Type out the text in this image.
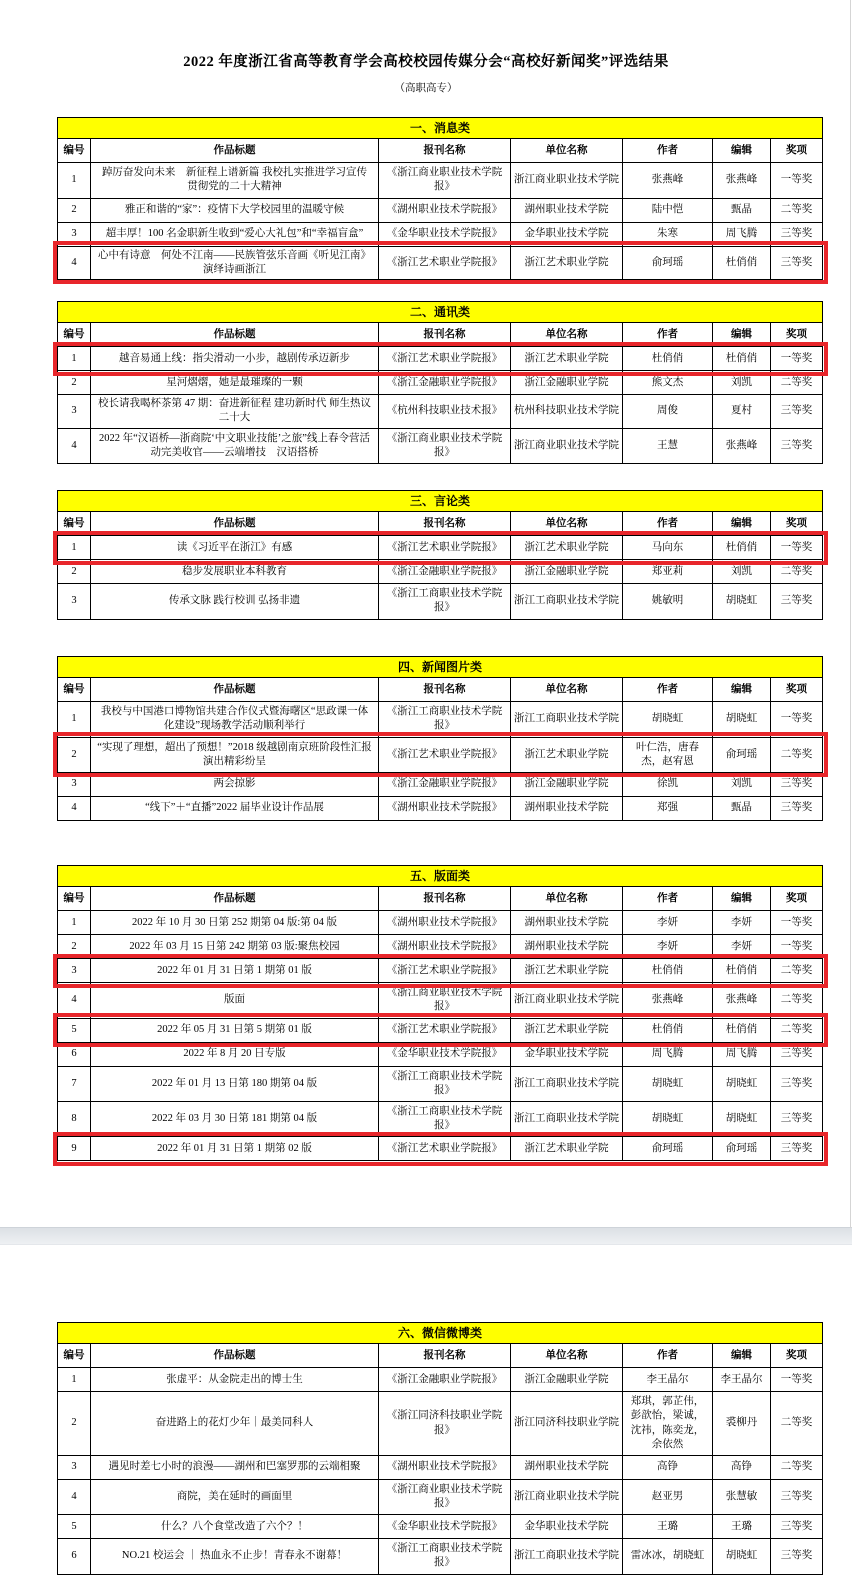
2022 年度浙江省高等教育学会高校校园传媒分会“高校好新闻奖”评选结果
（高职高专）
一、消息类						
编号	作品标题	报刊名称	单位名称	作者	编辑	奖项
1	踔厉奋发向未来　新征程上谱新篇 我校扎实推进学习宣传贯彻党的二十大精神	《浙江商业职业技术学院报》	浙江商业职业技术学院	张燕峰	张燕峰	一等奖
2	雅正和谐的“家”：疫情下大学校园里的温暖守候	《湖州职业技术学院报》	湖州职业技术学院	陆中恺	甄晶	二等奖
3	超丰厚！100 名金职新生收到“爱心大礼包”和“幸福盲盒”	《金华职业技术学院报》	金华职业技术学院	朱寒	周飞腾	三等奖
4	心中有诗意　何处不江南——民族管弦乐音画《听见江南》演绎诗画浙江	《浙江艺术职业学院报》	浙江艺术职业学院	俞珂瑶	杜俏俏	三等奖
二、通讯类						
编号	作品标题	报刊名称	单位名称	作者	编辑	奖项
1	越音易通上线：指尖滑动一小步，越剧传承迈新步	《浙江艺术职业学院报》	浙江艺术职业学院	杜俏俏	杜俏俏	一等奖
2	星河熠熠，她是最璀璨的一颗	《浙江金融职业学院报》	浙江金融职业学院	熊文杰	刘凯	二等奖
3	校长请我喝杯茶第 47 期：奋进新征程 建功新时代 师生热议二十大	《杭州科技职业技术报》	杭州科技职业技术学院	周俊	夏村	三等奖
4	2022 年“汉语桥—浙商院‘中文职业技能’之旅”线上春令营活动完美收官——云端增技　汉语搭桥	《浙江商业职业技术学院报》	浙江商业职业技术学院	王慧	张燕峰	三等奖
三、言论类						
编号	作品标题	报刊名称	单位名称	作者	编辑	奖项
1	读《习近平在浙江》有感	《浙江艺术职业学院报》	浙江艺术职业学院	马向东	杜俏俏	一等奖
2	稳步发展职业本科教育	《浙江金融职业学院报》	浙江金融职业学院	郑亚莉	刘凯	二等奖
3	传承文脉 践行校训 弘扬非遗	《浙江工商职业技术学院报》	浙江工商职业技术学院	姚敏明	胡晓虹	三等奖
四、新闻图片类						
编号	作品标题	报刊名称	单位名称	作者	编辑	奖项
1	我校与中国港口博物馆共建合作仪式暨海曙区“思政课一体化建设”现场教学活动顺利举行	《浙江工商职业技术学院报》	浙江工商职业技术学院	胡晓虹	胡晓虹	一等奖
2	“实现了理想，超出了预想！”2018 级越剧南京班阶段性汇报演出精彩纷呈	《浙江艺术职业学院报》	浙江艺术职业学院	叶仁浩，唐春杰，赵宥恩	俞珂瑶	二等奖
3	两会掠影	《浙江金融职业学院报》	浙江金融职业学院	徐凯	刘凯	三等奖
4	“线下”＋“直播”2022 届毕业设计作品展	《湖州职业技术学院报》	湖州职业技术学院	郑强	甄晶	三等奖
五、版面类						
编号	作品标题	报刊名称	单位名称	作者	编辑	奖项
1	2022 年 10 月 30 日第 252 期第 04 版:第 04 版	《湖州职业技术学院报》	湖州职业技术学院	李妍	李妍	一等奖
2	2022 年 03 月 15 日第 242 期第 03 版:聚焦校园	《湖州职业技术学院报》	湖州职业技术学院	李妍	李妍	一等奖
3	2022 年 01 月 31 日第 1 期第 01 版	《浙江艺术职业学院报》	浙江艺术职业学院	杜俏俏	杜俏俏	二等奖
4	版面	《浙江商业职业技术学院报》	浙江商业职业技术学院	张燕峰	张燕峰	二等奖
5	2022 年 05 月 31 日第 5 期第 01 版	《浙江艺术职业学院报》	浙江艺术职业学院	杜俏俏	杜俏俏	二等奖
6	2022 年 8 月 20 日专版	《金华职业技术学院报》	金华职业技术学院	周飞腾	周飞腾	三等奖
7	2022 年 01 月 13 日第 180 期第 04 版	《浙江工商职业技术学院报》	浙江工商职业技术学院	胡晓虹	胡晓虹	三等奖
8	2022 年 03 月 30 日第 181 期第 04 版	《浙江工商职业技术学院报》	浙江工商职业技术学院	胡晓虹	胡晓虹	三等奖
9	2022 年 01 月 31 日第 1 期第 02 版	《浙江艺术职业学院报》	浙江艺术职业学院	俞珂瑶	俞珂瑶	三等奖
六、微信微博类						
编号	作品标题	报刊名称	单位名称	作者	编辑	奖项
1	张虚平：从金院走出的博士生	《浙江金融职业学院报》	浙江金融职业学院	李王晶尔	李王晶尔	一等奖
2	奋进路上的花灯少年｜最美同科人	《浙江同济科技职业学院报》	浙江同济科技职业学院	郑琪，郭芷伟，彭歆怡，梁诚，沈祎，陈奕龙，余依然	裘柳丹	二等奖
3	遇见时差七小时的浪漫——湖州和巴塞罗那的云端相聚	《湖州职业技术学院报》	湖州职业技术学院	高铮	高铮	二等奖
4	商院，美在延时的画面里	《浙江商业职业技术学院报》	浙江商业职业技术学院	赵亚男	张慧敏	三等奖
5	什么？八个食堂改造了六个？！	《金华职业技术学院报》	金华职业技术学院	王璐	王璐	三等奖
6	NO.21 校运会 ｜ 热血永不止步！青春永不谢幕！	《浙江工商职业技术学院报》	浙江工商职业技术学院	雷冰冰，胡晓虹	胡晓虹	三等奖
